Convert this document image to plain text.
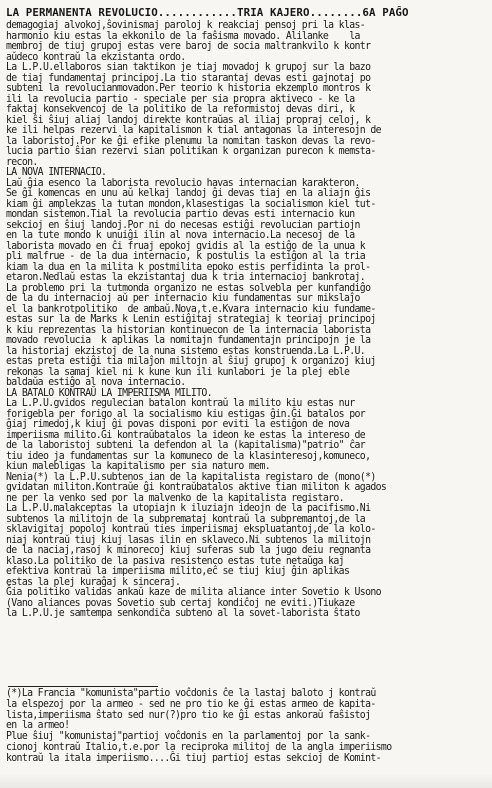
LA PERMANENTA REVOLUCIO............TRIA KAJERO........6A PAĜO
demagogiaj alvokoj,ŝovinismaj paroloj k reakciaj pensoj pri la klas-
harmonio kiu estas la ekkonilo de la faŝisma movado. Alilanke    la
membroj de tiuj grupoj estas vere baroj de socia maltrankvilo k kontr
aŭdeco kontraŭ la ekzistanta ordo.
La L.P.U.ellaboros sian taktikon je tiaj movadoj k grupoj sur la bazo
de tiaj fundamentaj principoj.La tio starantaj devas esti gajnotaj po
subteni la revolucianmovadon.Per teorio k historia ekzemplo montros k
ili la revolucia partio - speciale per sia propra aktiveco - ke la
faktaj konsekvencoj de la politiko de la reformistoj devas diri, k
kiel ŝi ŝiuj aliaj landoj direkte kontraŭas al iliaj propraj celoj, k
ke ili helpas rezervi la kapitalismon k tial antagonas la interesojn de
la laboristoj.Por ke ĝi efike plenumu la nomitan taskon devas la revo-
lucia partio ŝian rezervi sian politikan k organizan purecon k memsta-
recon.
LA NOVA INTERNACIO.
Laŭ ĝia esenco la laborista revolucio havas internacian karakteron.
Se ĝi komencas en unu aŭ kelkaj landoj ĝi devas tiaj en la aliajn ĝis
kiam ĝi amplekzas la tutan mondon,klasestigas la socialismon kiel tut-
mondan sistemon.Tial la revolucia partio devas esti internacio kun
sekcioj en ŝiuj landoj.Por ni do necesas estiĝi revolucian partiojn
en la tute mondo k unuiĝi ilin al nova internacio.La necesoj de la
laborista movado en ĉi fruaj epokoj gvidis al la estiĝo de la unua k
pli malfrue - de la dua internacio, k postulis la estiĝon al la tria
kiam la dua en la milita k postmilita epoko estis perfidinta la prol-
etaron.Nedlaŭ estas la ekzistantaj dua k tria internacioj bankrotaj.
La problemo pri la tutmonda organizo ne estas solvebla per kunfandiĝo
de la du internacioj aŭ per internacio kiu fundamentas sur mikslaĵo
el la bankrotpolitiko  de ambaŭ.Nova,t.e.Kvara internacio kiu fundame-
estas sur la de Marks k Lenin estiĝitaj strategiaj k teoriaj principoj
k kiu reprezentas la historian kontinuecon de la internacia laborista
movado revolucia  k aplikas la nomitajn fundamentajn principojn je la
la historiaj ekzistoj de la nuna sistemo estas konstruenda.La L.P.U.
estas preta estiĝi tia milaĵon miltojn al ŝiuj grupoj k organizoj kiuj
rekonas la samaj kiel ni k kune kun ili kunlabori je la plej eble
baldaŭa estiĝo al nova internacio.
LA BATALO KONTRAŬ LA IMPERIISMA MILITO.
La L.P.U.gvidos regulecian batalon kontraŭ la milito kiu estas nur
forigebla per forigo al la socialismo kiu estigas ĝin.Ĝi batalos por
ĝiaj rimedoj,k kiuj ĝi povas disponi por eviti la estiĝon de nova
imperiisma milito.Ĝi kontraŭbatalos la ideon ke estas la intereso de
de la laboristoj subteni la defendon al la (kapitalisma)"patrio" ĉar
tiu ideo ja fundamentas sur la komuneco de la klasinteresoj,komuneco,
kiun malebligas la kapitalismo per sia naturo mem.
Nenia(*) la L.P.U.subtenos ian de la kapitalista registaro de (mono(*)
gvidatan militon.Kontraŭe ĝi kontraŭbatalos aktive tian militon k agados
ne per la venko sed por la malvenko de la kapitalista registaro.
La L.P.U.malakceptas la utopiajn k iluziajn ideojn de la pacifismo.Ni
subtenos la militojn de la subpremataj kontraŭ la subpremantoj,de la
sklavigitaj popoloj kontraŭ ties imperiismaj ekspluatantoj,de la kolo-
niaj kontraŭ tiuj kiuj lasas ilin en sklaveco.Ni subtenos la militojn
de la naciaj,rasoj k minorecoj kiuj suferas sub la jugo deiu regnanta
klaso.La politiko de la pasiva resistenco estas tute netaŭga kaj
efektiva kontraŭ la imperiisma milito,eĉ se tiuj kiuj ĝin aplikas
estas la plej kuraĝaj k sinceraj.
Ĝia politiko validas ankaŭ kaze de milita aliance inter Sovetio k Usono
(Vano aliances povas Sovetio sub certaj kondiĉoj ne eviti.)Tiukaze
la L.P.U.je samtempa senkondiĉa subteno al la sovet-laborista ŝtato
(*)La Francia "komunista"partio voĉdonis ĉe la lastaj baloto j kontraŭ
la elspezoj por la armeo - sed ne pro tio ke ĝi estas armeo de kapita-
lista,imperiisma ŝtato sed nur(?)pro tio ke ĝi estas ankoraŭ faŝistoj
en la armeo!
Plue ŝiuj "komunistaj"partioj voĉdonis en la parlamentoj por la sank-
cionoj kontraŭ Italio,t.e.por la reciproka militoj de la angla imperiismo
kontraŭ la itala imperiismo....Ĝi tiuj partioj estas sekcioj de Komint-
